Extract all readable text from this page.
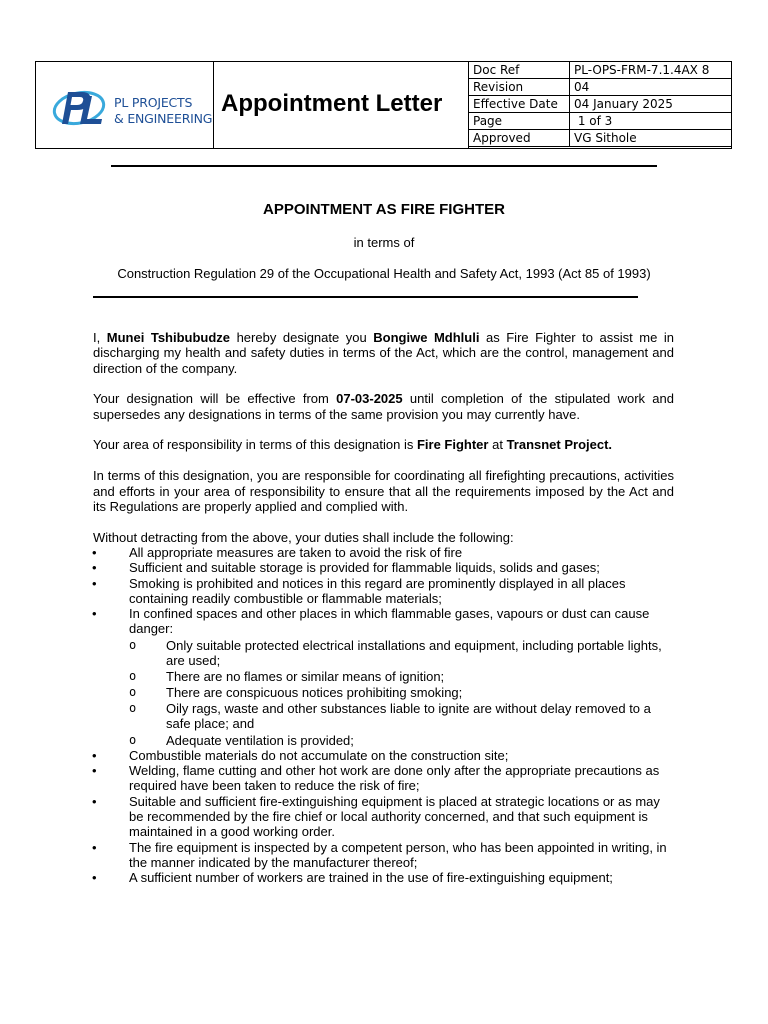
PL PROJECTS
& ENGINEERING
Appointment Letter
Doc Ref	PL-OPS-FRM-7.1.4AX 8
Revision	04
Effective Date	04 January 2025
Page	1 of 3
Approved	VG Sithole
APPOINTMENT AS FIRE FIGHTER
in terms of
Construction Regulation 29 of the Occupational Health and Safety Act, 1993 (Act 85 of 1993)

I, Munei Tshibubudze hereby designate you Bongiwe Mdhluli as Fire Fighter to assist me in discharging my health and safety duties in terms of the Act, which are the control, management and direction of the company.

Your designation will be effective from 07-03-2025 until completion of the stipulated work and supersedes any designations in terms of the same provision you may currently have.

Your area of responsibility in terms of this designation is Fire Fighter at Transnet Project.

In terms of this designation, you are responsible for coordinating all firefighting precautions, activities and efforts in your area of responsibility to ensure that all the requirements imposed by the Act and its Regulations are properly applied and complied with.

Without detracting from the above, your duties shall include the following:

• All appropriate measures are taken to avoid the risk of fire
• Sufficient and suitable storage is provided for flammable liquids, solids and gases;
• Smoking is prohibited and notices in this regard are prominently displayed in all places containing readily combustible or flammable materials;
• In confined spaces and other places in which flammable gases, vapours or dust can cause danger:
o Only suitable protected electrical installations and equipment, including portable lights, are used;
o There are no flames or similar means of ignition;
o There are conspicuous notices prohibiting smoking;
o Oily rags, waste and other substances liable to ignite are without delay removed to a safe place; and
o Adequate ventilation is provided;
• Combustible materials do not accumulate on the construction site;
• Welding, flame cutting and other hot work are done only after the appropriate precautions as required have been taken to reduce the risk of fire;
• Suitable and sufficient fire-extinguishing equipment is placed at strategic locations or as may be recommended by the fire chief or local authority concerned, and that such equipment is maintained in a good working order.
• The fire equipment is inspected by a competent person, who has been appointed in writing, in the manner indicated by the manufacturer thereof;
• A sufficient number of workers are trained in the use of fire-extinguishing equipment;
